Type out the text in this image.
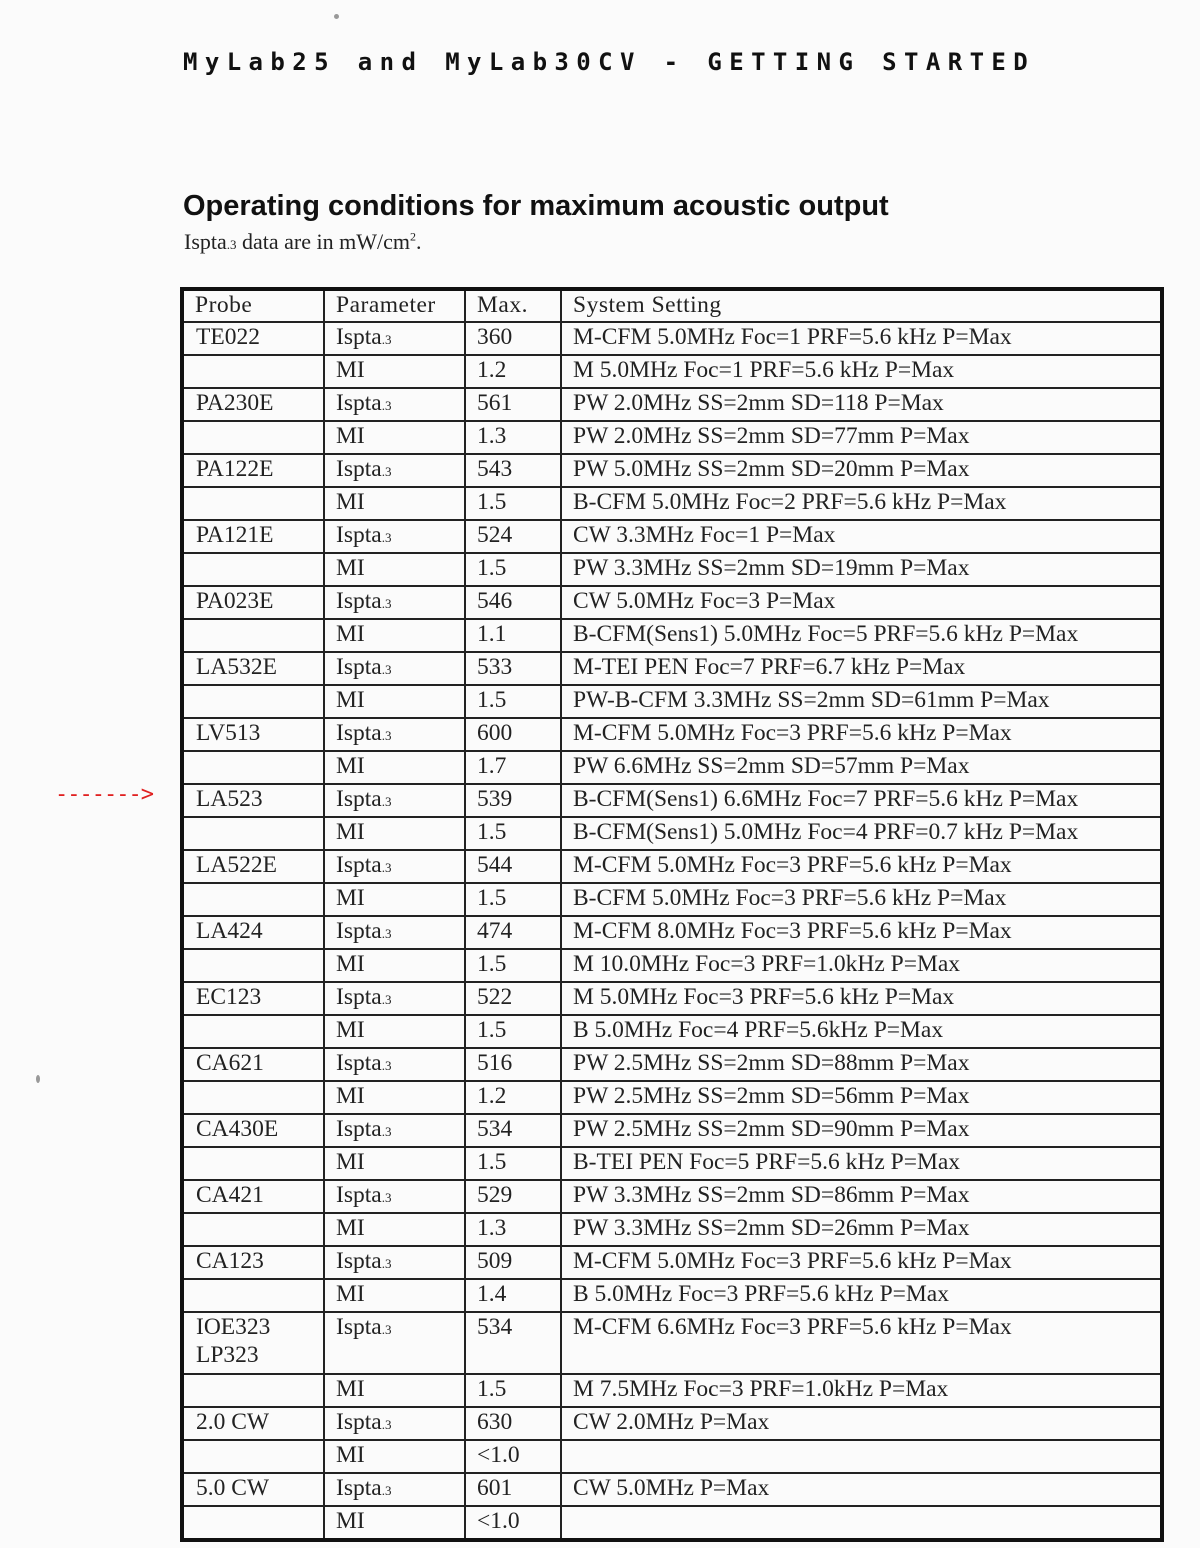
MyLab25 and MyLab30CV - GETTING STARTED
Operating conditions for maximum acoustic output
Ispta.3 data are in $mW/cm^2$.
------->
Probe	Parameter	Max.	System Setting

TE022	Ispta.3	360	M-CFM 5.0MHz Foc=1 PRF=5.6 kHz P=Max
	MI	1.2	M 5.0MHz Foc=1 PRF=5.6 kHz P=Max

PA230E	Ispta.3	561	PW 2.0MHz SS=2mm SD=118 P=Max
	MI	1.3	PW 2.0MHz SS=2mm SD=77mm P=Max

PA122E	Ispta.3	543	PW 5.0MHz SS=2mm SD=20mm P=Max
	MI	1.5	B-CFM 5.0MHz Foc=2 PRF=5.6 kHz P=Max

PA121E	Ispta.3	524	CW 3.3MHz Foc=1 P=Max
	MI	1.5	PW 3.3MHz SS=2mm SD=19mm P=Max

PA023E	Ispta.3	546	CW 5.0MHz Foc=3 P=Max
	MI	1.1	B-CFM(Sens1) 5.0MHz Foc=5 PRF=5.6 kHz P=Max

LA532E	Ispta.3	533	M-TEI PEN Foc=7 PRF=6.7 kHz P=Max
	MI	1.5	PW-B-CFM 3.3MHz SS=2mm SD=61mm P=Max

LV513	Ispta.3	600	M-CFM 5.0MHz Foc=3 PRF=5.6 kHz P=Max
	MI	1.7	PW 6.6MHz SS=2mm SD=57mm P=Max

LA523	Ispta.3	539	B-CFM(Sens1) 6.6MHz Foc=7 PRF=5.6 kHz P=Max
	MI	1.5	B-CFM(Sens1) 5.0MHz Foc=4 PRF=0.7 kHz P=Max

LA522E	Ispta.3	544	M-CFM 5.0MHz Foc=3 PRF=5.6 kHz P=Max
	MI	1.5	B-CFM 5.0MHz Foc=3 PRF=5.6 kHz P=Max

LA424	Ispta.3	474	M-CFM 8.0MHz Foc=3 PRF=5.6 kHz P=Max
	MI	1.5	M 10.0MHz Foc=3 PRF=1.0kHz P=Max

EC123	Ispta.3	522	M 5.0MHz Foc=3 PRF=5.6 kHz P=Max
	MI	1.5	B 5.0MHz Foc=4 PRF=5.6kHz P=Max

CA621	Ispta.3	516	PW 2.5MHz SS=2mm SD=88mm P=Max
	MI	1.2	PW 2.5MHz SS=2mm SD=56mm P=Max

CA430E	Ispta.3	534	PW 2.5MHz SS=2mm SD=90mm P=Max
	MI	1.5	B-TEI PEN Foc=5 PRF=5.6 kHz P=Max

CA421	Ispta.3	529	PW 3.3MHz SS=2mm SD=86mm P=Max
	MI	1.3	PW 3.3MHz SS=2mm SD=26mm P=Max

CA123	Ispta.3	509	M-CFM 5.0MHz Foc=3 PRF=5.6 kHz P=Max
	MI	1.4	B 5.0MHz Foc=3 PRF=5.6 kHz P=Max

IOE323
LP323	Ispta.3	534	M-CFM 6.6MHz Foc=3 PRF=5.6 kHz P=Max
	MI	1.5	M 7.5MHz Foc=3 PRF=1.0kHz P=Max

2.0 CW	Ispta.3	630	CW 2.0MHz P=Max
	MI	<1.0	

5.0 CW	Ispta.3	601	CW 5.0MHz P=Max
	MI	<1.0	
